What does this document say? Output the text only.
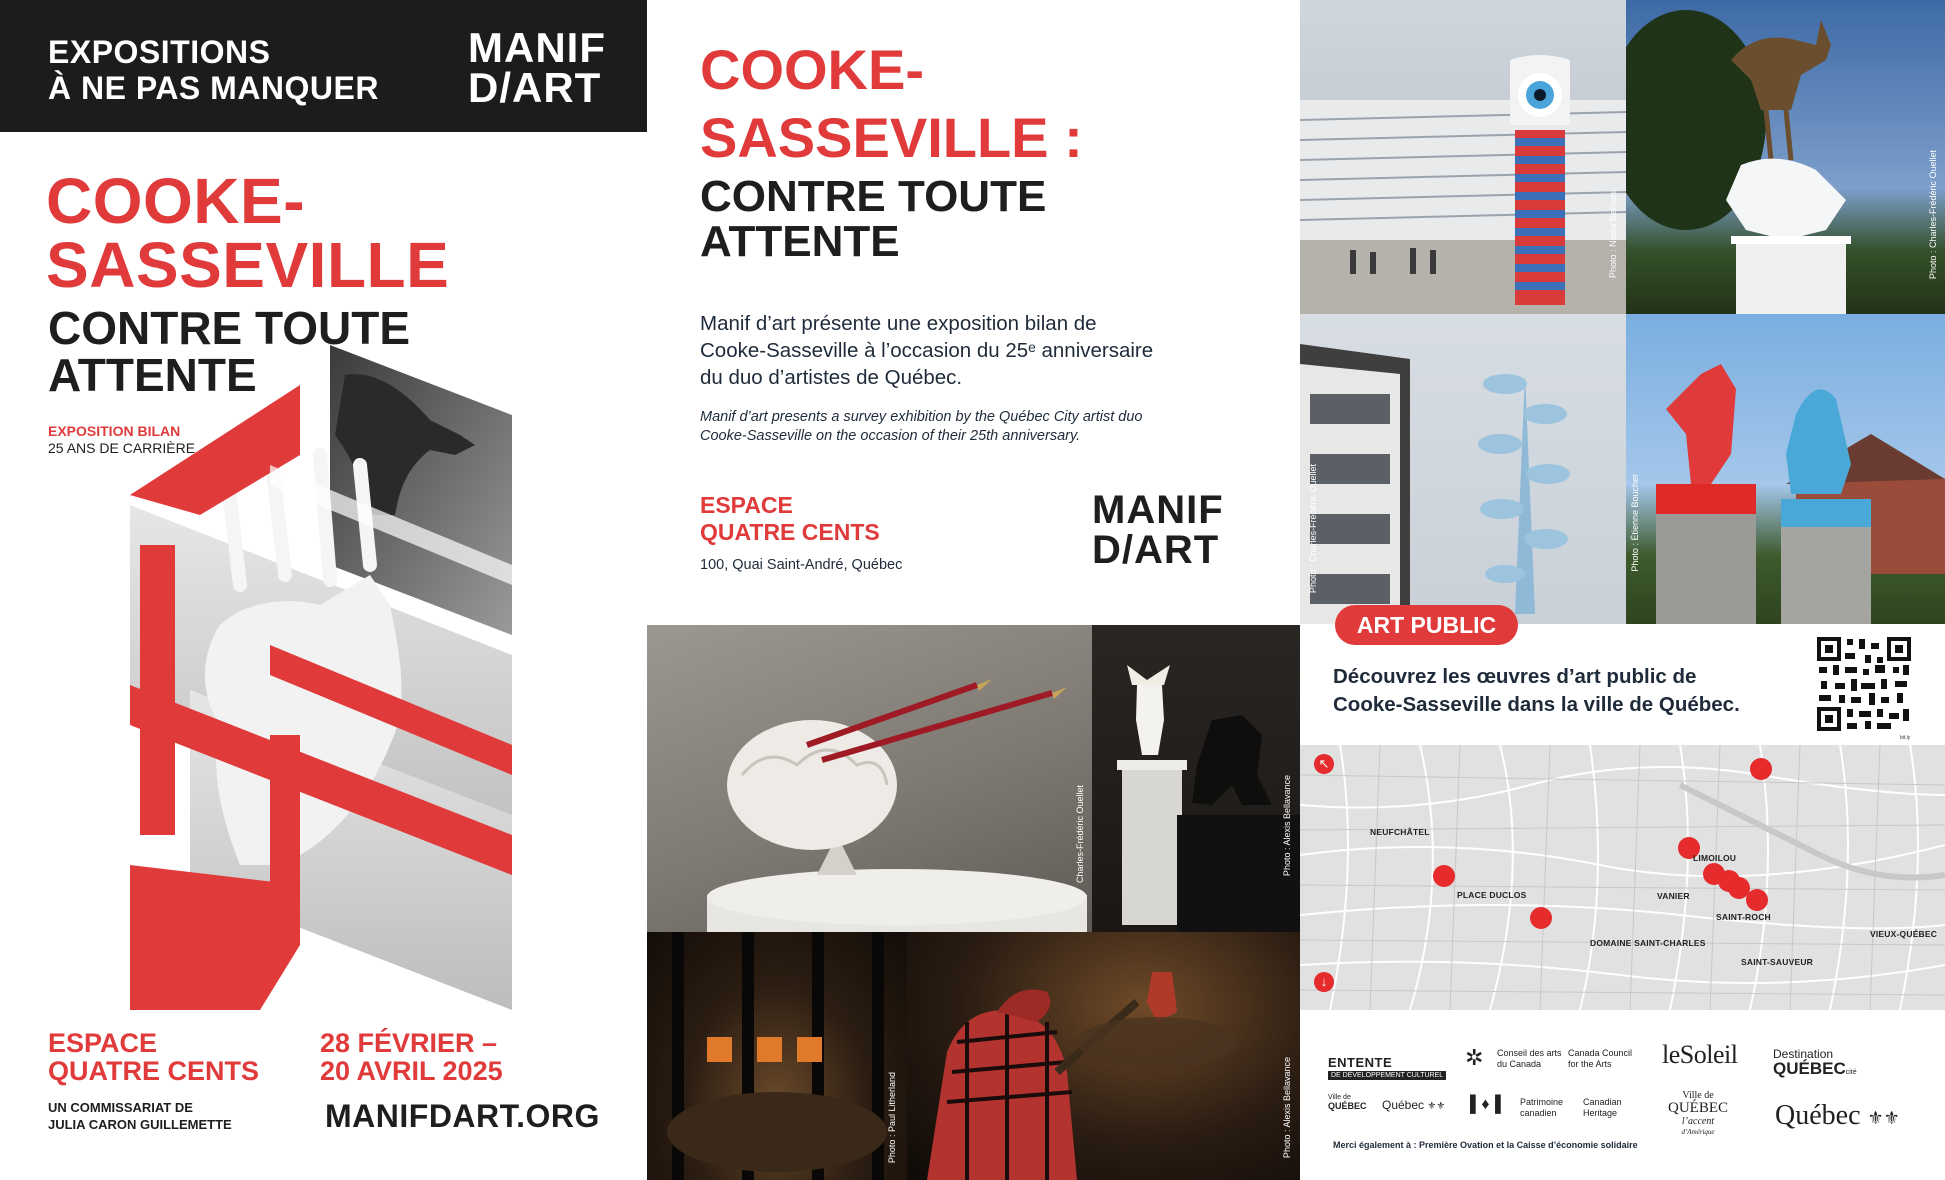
EXPOSITIONS
À NE PAS MANQUER
MANIF
D/ART
COOKE-
SASSEVILLE
CONTRE TOUTE
ATTENTE
EXPOSITION BILAN
25 ANS DE CARRIÈRE
ESPACE
QUATRE CENTS
28 FÉVRIER –
20 AVRIL 2025
UN COMMISSARIAT DE
JULIA CARON GUILLEMETTE	MANIFDART.ORG
COOKE-
SASSEVILLE :
CONTRE TOUTE
ATTENTE
Manif d’art présente une exposition bilan de
Cooke-Sasseville à l’occasion du 25ᵉ anniversaire
du duo d’artistes de Québec.
Manif d’art presents a survey exhibition by the Québec City artist duo
Cooke-Sasseville on the occasion of their 25th anniversary.
ESPACE
QUATRE CENTS
100, Quai Saint-André, Québec
MANIF
D/ART
Charles-Frédéric Ouellet	Photo : Alexis Bellavance
Photo : Paul Litherland	Photo : Alexis Bellavance
Photo : Nadia Bernani	Photo : Charles-Frédéric Ouellet
Photo : Charles-Frédéric Ouellet	Photo : Étienne Boucher
ART PUBLIC
Découvrez les œuvres d’art public de
Cooke-Sasseville dans la ville de Québec.
bit.ly
↖
↓
NEUFCHÂTEL
PLACE DUCLOS
LIMOILOU
VANIER
SAINT-ROCH
DOMAINE SAINT-CHARLES
VIEUX-QUÉBEC
SAINT-SAUVEUR
ENTENTE
DE DÉVELOPPEMENT CULTUREL
Ville de
QUÉBEC Québec ⚜⚜
✲ Conseil des arts
du Canada
Canada Council
for the Arts
▌♦▐ Patrimoine
canadien
Canadian
Heritage
leSoleil
Ville de
QUÉBEC
l’accent
d’Amérique
Destination
QUÉBECcité
Québec ⚜⚜
Merci également à : Première Ovation et la Caisse d’économie solidaire
